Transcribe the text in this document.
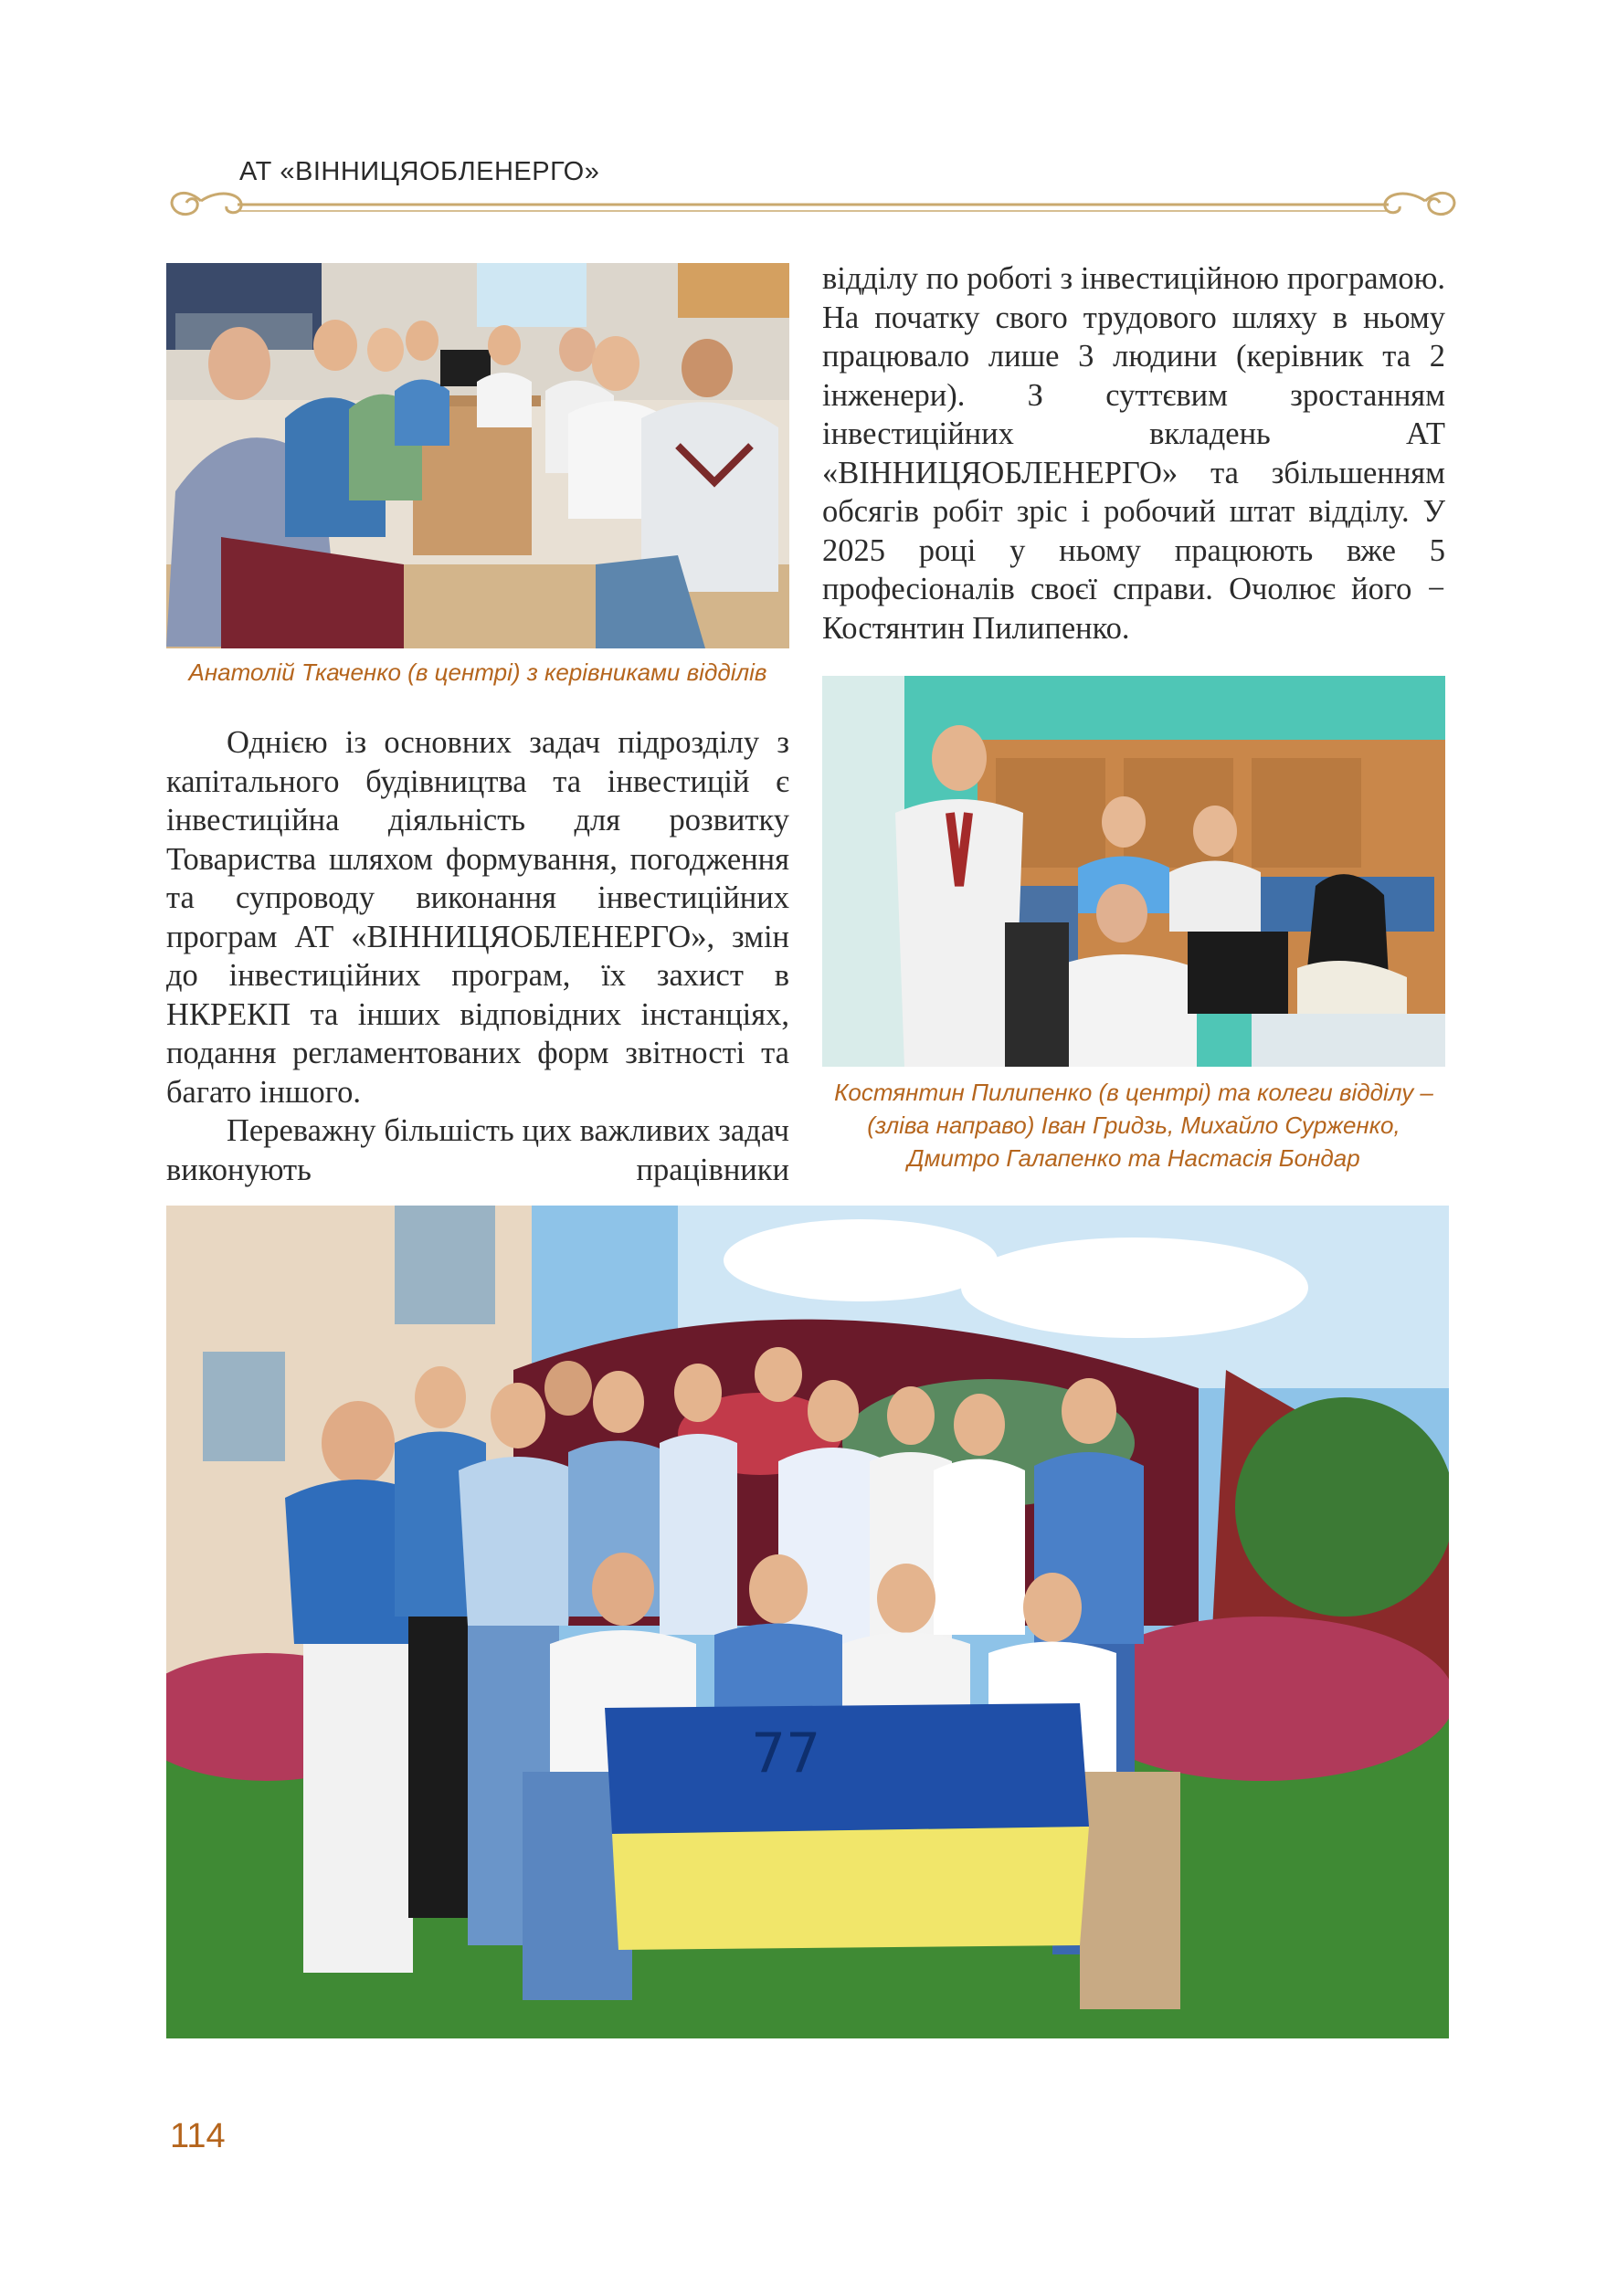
АТ «ВІННИЦЯОБЛЕНЕРГО»
Анатолій Ткаченко (в центрі) з керівниками відділів

відділу по роботі з інвестиційною програмою. На початку свого трудового шляху в ньому працювало лише 3 людини (керівник та 2 інженери). З суттєвим зростанням інвестиційних вкладень АТ «ВІННИЦЯОБЛЕНЕРГО» та збільшенням обсягів робіт зріс і робочий штат відділу. У 2025 році у ньому працюють вже 5 професіоналів своєї справи. Очолює його − Костянтин Пилипенко.

Костянтин Пилипенко (в центрі) та колеги відділу –
(зліва направо) Іван Гридзь, Михайло Сурженко,
Дмитро Галапенко та Настасія Бондар

Однією із основних задач підрозділу з капітального будівництва та інвестицій є інвестиційна діяльність для розвитку Товариства шляхом формування, погодження та супроводу виконання інвестиційних програм АТ «ВІННИЦЯОБЛЕНЕРГО», змін до інвестиційних програм, їх захист в НКРЕКП та інших відповідних інстанціях, подання регламентованих форм звітності та багато іншого.

Переважну більшість цих важливих задач виконують працівники

77
114
